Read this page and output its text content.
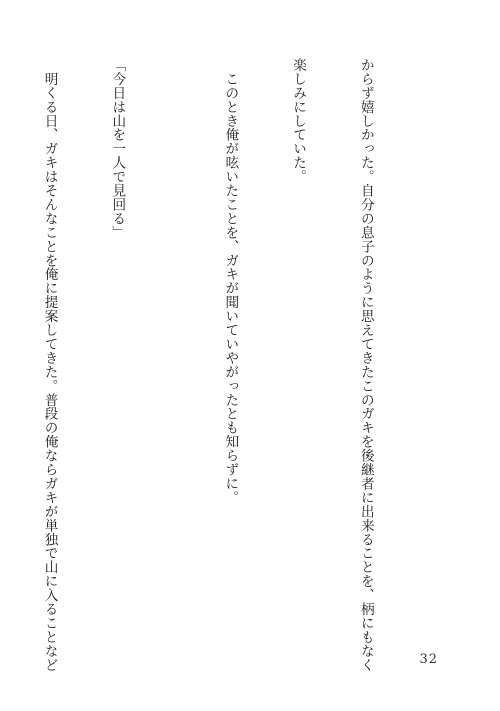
からず嬉しかった。自分の息子のように思えてきたこのガキを後継者に出来ることを、柄にもなく

楽しみにしていた。

　このとき俺が呟いたことを、ガキが聞いていやがったとも知らずに。

「今日は山を一人で見回る」

　明くる日、ガキはそんなことを俺に提案してきた。普段の俺ならガキが単独で山に入ることなど

	32
